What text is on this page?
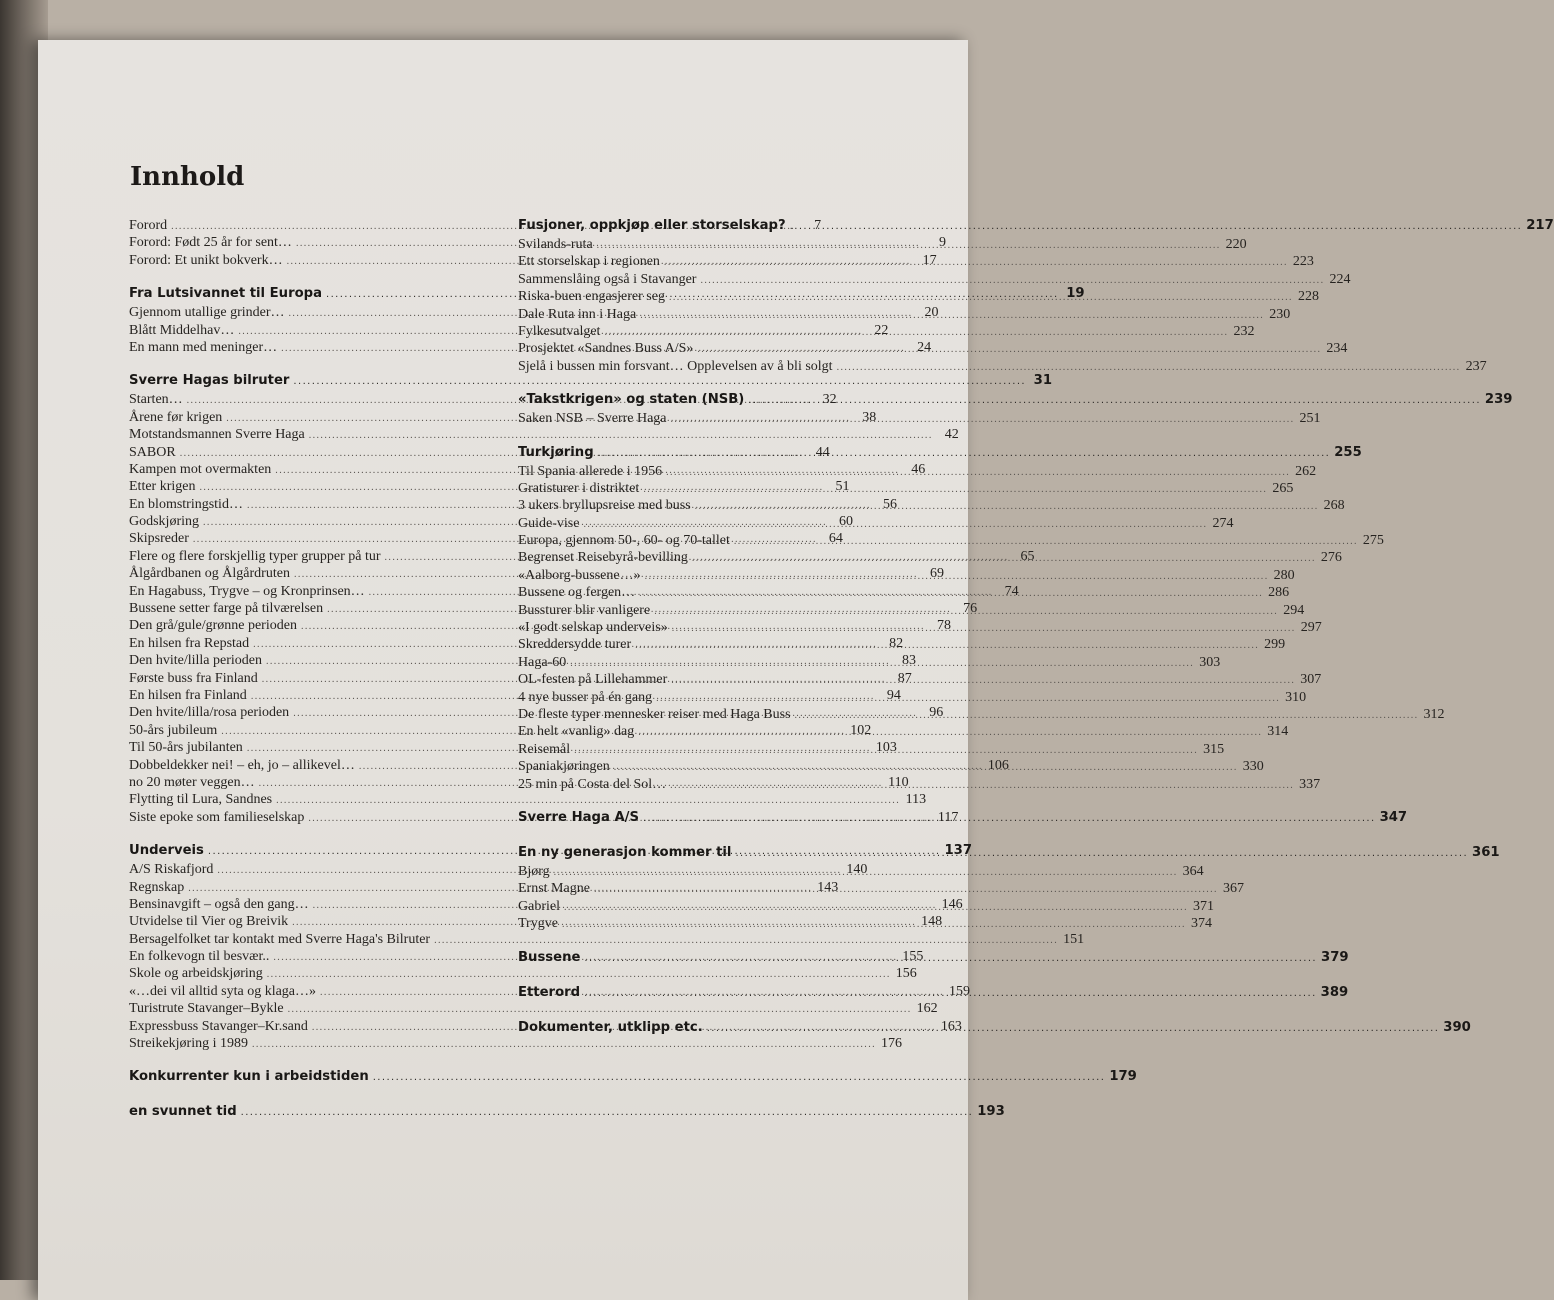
Innhold
Forord .....	7
Forord: Født 25 år for sent… .....	9
Forord: Et unikt bokverk… .....	17
Fra Lutsivannet til Europa .....	19
Gjennom utallige grinder… .....	20
Blått Middelhav… .....	22
En mann med meninger… .....	24
Sverre Hagas bilruter .....	31
Starten… .....	32
Årene før krigen .....	38
Motstandsmannen Sverre Haga .....	42
SABOR .....	44
Kampen mot overmakten .....	46
Etter krigen .....	51
En blomstringstid… .....	56
Godskjøring .....	60
Skipsreder .....	64
Flere og flere forskjellig typer grupper på tur .....	65
Ålgårdbanen og Ålgårdruten .....	69
En Hagabuss, Trygve – og Kronprinsen… .....	74
Bussene setter farge på tilværelsen .....	76
Den grå/gule/grønne perioden .....	78
En hilsen fra Repstad .....	82
Den hvite/lilla perioden .....	83
Første buss fra Finland .....	87
En hilsen fra Finland .....	94
Den hvite/lilla/rosa perioden .....	96
50-års jubileum .....	102
Til 50-års jubilanten .....	103
Dobbeldekker nei! – eh, jo – allikevel… .....	106
no 20 møter veggen… .....	110
Flytting til Lura, Sandnes .....	113
Siste epoke som familieselskap .....	117
Underveis .....	137
A/S Riskafjord .....	140
Regnskap .....	143
Bensinavgift – også den gang… .....	146
Utvidelse til Vier og Breivik .....	148
Bersagelfolket tar kontakt med Sverre Haga's Bilruter .....	151
En folkevogn til besvær.. .....	155
Skole og arbeidskjøring .....	156
«…dei vil alltid syta og klaga…» .....	159
Turistrute Stavanger–Bykle .....	162
Expressbuss Stavanger–Kr.sand .....	163
Streikekjøring i 1989 .....	176
Konkurrenter kun i arbeidstiden .....	179
en svunnet tid .....	193
Fusjoner, oppkjøp eller storselskap? .....	217
Svilands-ruta .....	220
Ett storselskap i regionen .....	223
Sammenslåing også i Stavanger .....	224
Riska-buen engasjerer seg .....	228
Dale Ruta inn i Haga .....	230
Fylkesutvalget .....	232
Prosjektet «Sandnes Buss A/S» .....	234
Sjelå i bussen min forsvant… Opplevelsen av å bli solgt .....	237
«Takstkrigen» og staten (NSB) .....	239
Saken NSB – Sverre Haga .....	251
Turkjøring .....	255
Til Spania allerede i 1956 .....	262
Gratisturer i distriktet .....	265
3 ukers bryllupsreise med buss .....	268
Guide-vise .....	274
Europa, gjennom 50-, 60- og 70-tallet .....	275
Begrenset Reisebyrå-bevilling .....	276
«Aalborg-bussene…» .....	280
Bussene og fergen… .....	286
Bussturer blir vanligere .....	294
«I godt selskap underveis» .....	297
Skreddersydde turer .....	299
Haga-60 .....	303
OL-festen på Lillehammer .....	307
4 nye busser på én gang .....	310
De fleste typer mennesker reiser med Haga Buss .....	312
En helt «vanlig» dag .....	314
Reisemål .....	315
Spaniakjøringen .....	330
25 min på Costa del Sol… .....	337
Sverre Haga A/S .....	347
En ny generasjon kommer til .....	361
Bjørg .....	364
Ernst Magne .....	367
Gabriel .....	371
Trygve .....	374
Bussene .....	379
Etterord .....	389
Dokumenter, utklipp etc. .....	390
